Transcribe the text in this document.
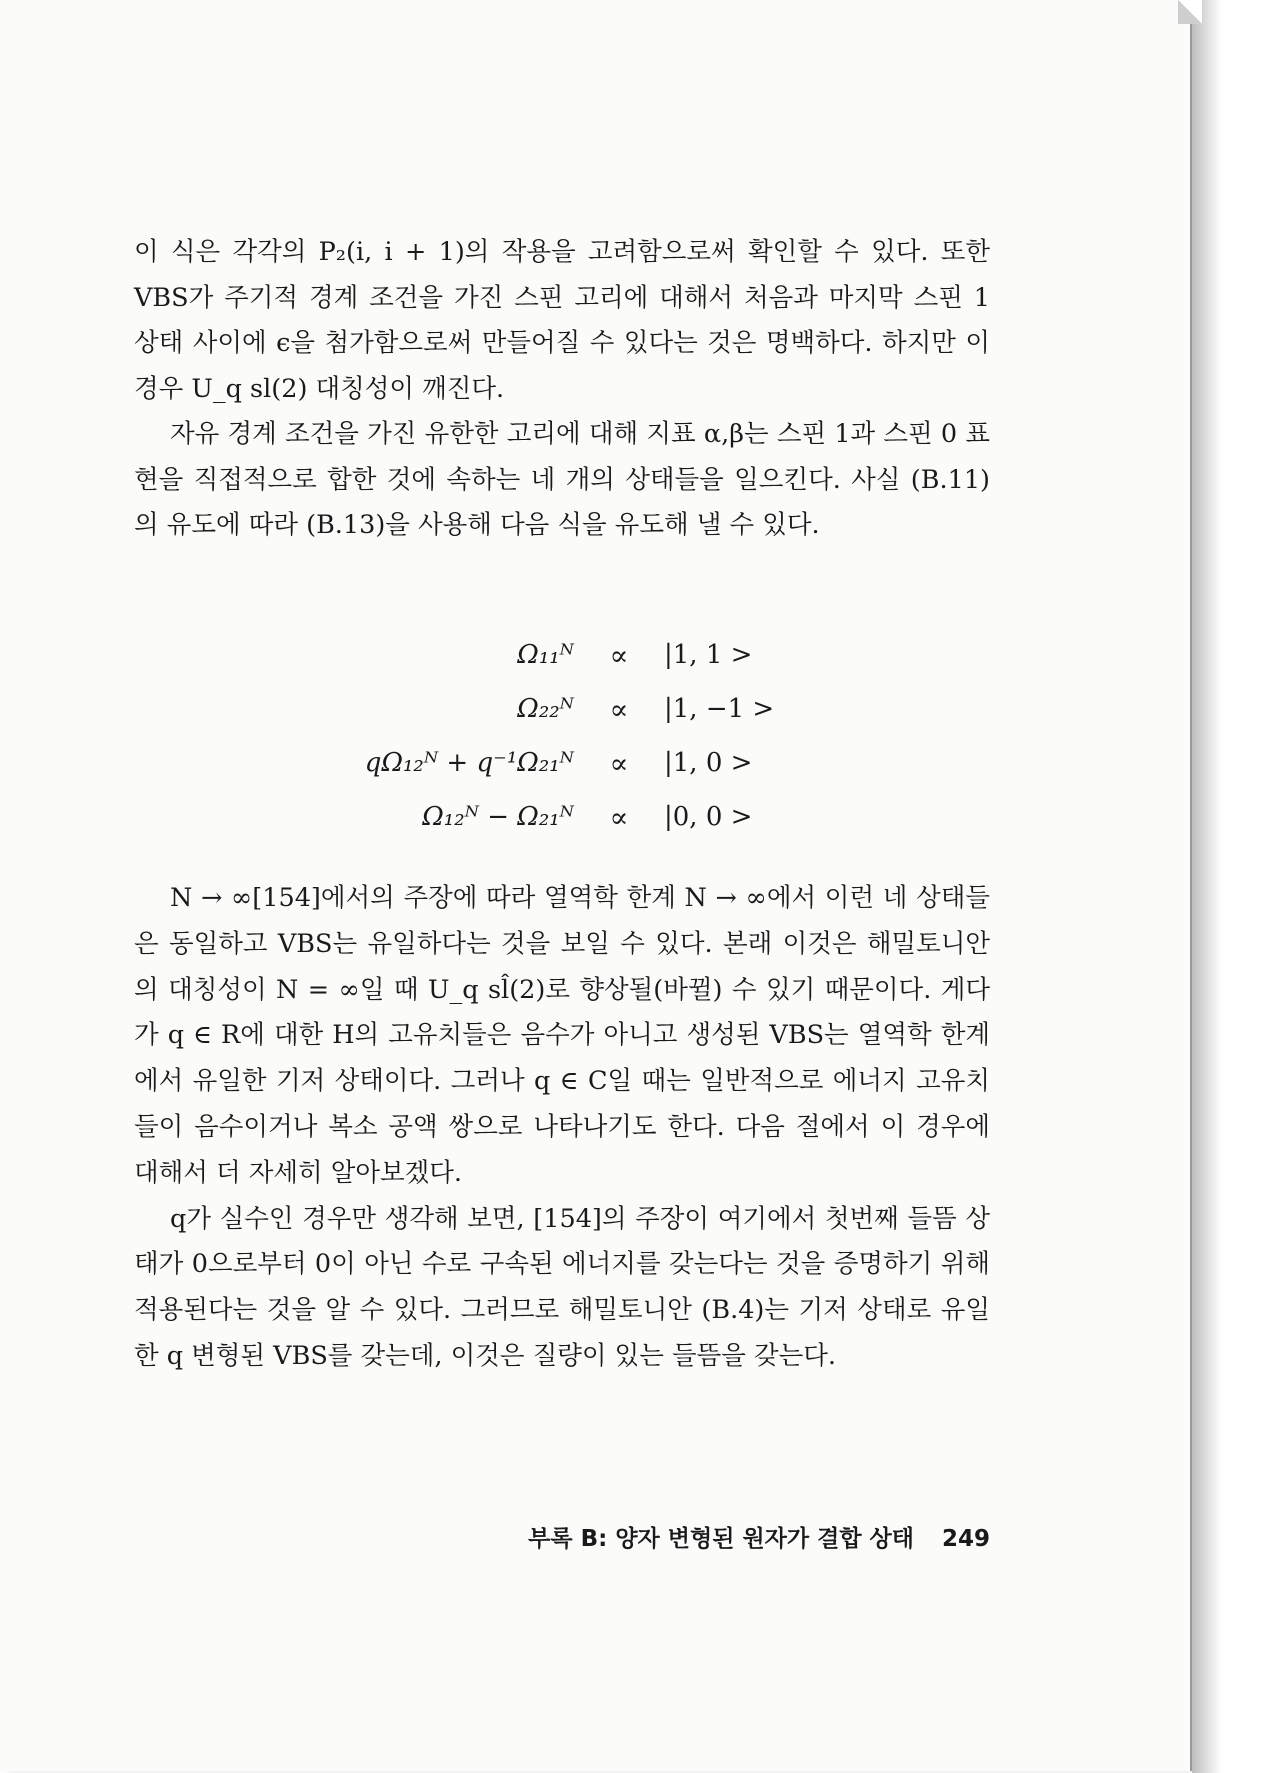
이 식은 각각의 P₂(i, i + 1)의 작용을 고려함으로써 확인할 수 있다. 또한 VBS가 주기적 경계 조건을 가진 스핀 고리에 대해서 처음과 마지막 스핀 1 상태 사이에 ϵ을 첨가함으로써 만들어질 수 있다는 것은 명백하다. 하지만 이 경우 U_q sl(2) 대칭성이 깨진다.

자유 경계 조건을 가진 유한한 고리에 대해 지표 α,β는 스핀 1과 스핀 0 표현을 직접적으로 합한 것에 속하는 네 개의 상태들을 일으킨다. 사실 (B.11)의 유도에 따라 (B.13)을 사용해 다음 식을 유도해 낼 수 있다.

Ω₁₁ᴺ	∝	|1, 1 >
Ω₂₂ᴺ	∝	|1, −1 >
qΩ₁₂ᴺ + q⁻¹Ω₂₁ᴺ	∝	|1, 0 >
Ω₁₂ᴺ − Ω₂₁ᴺ	∝	|0, 0 >

N → ∞[154]에서의 주장에 따라 열역학 한계 N → ∞에서 이런 네 상태들은 동일하고 VBS는 유일하다는 것을 보일 수 있다. 본래 이것은 해밀토니안의 대칭성이 N = ∞일 때 U_q sl̂(2)로 향상될(바뀔) 수 있기 때문이다. 게다가 q ∈ R에 대한 H의 고유치들은 음수가 아니고 생성된 VBS는 열역학 한계에서 유일한 기저 상태이다. 그러나 q ∈ C일 때는 일반적으로 에너지 고유치들이 음수이거나 복소 공액 쌍으로 나타나기도 한다. 다음 절에서 이 경우에 대해서 더 자세히 알아보겠다.

q가 실수인 경우만 생각해 보면, [154]의 주장이 여기에서 첫번째 들뜸 상태가 0으로부터 0이 아닌 수로 구속된 에너지를 갖는다는 것을 증명하기 위해 적용된다는 것을 알 수 있다. 그러므로 해밀토니안 (B.4)는 기저 상태로 유일한 q 변형된 VBS를 갖는데, 이것은 질량이 있는 들뜸을 갖는다.

부록 B: 양자 변형된 원자가 결합 상태 249
